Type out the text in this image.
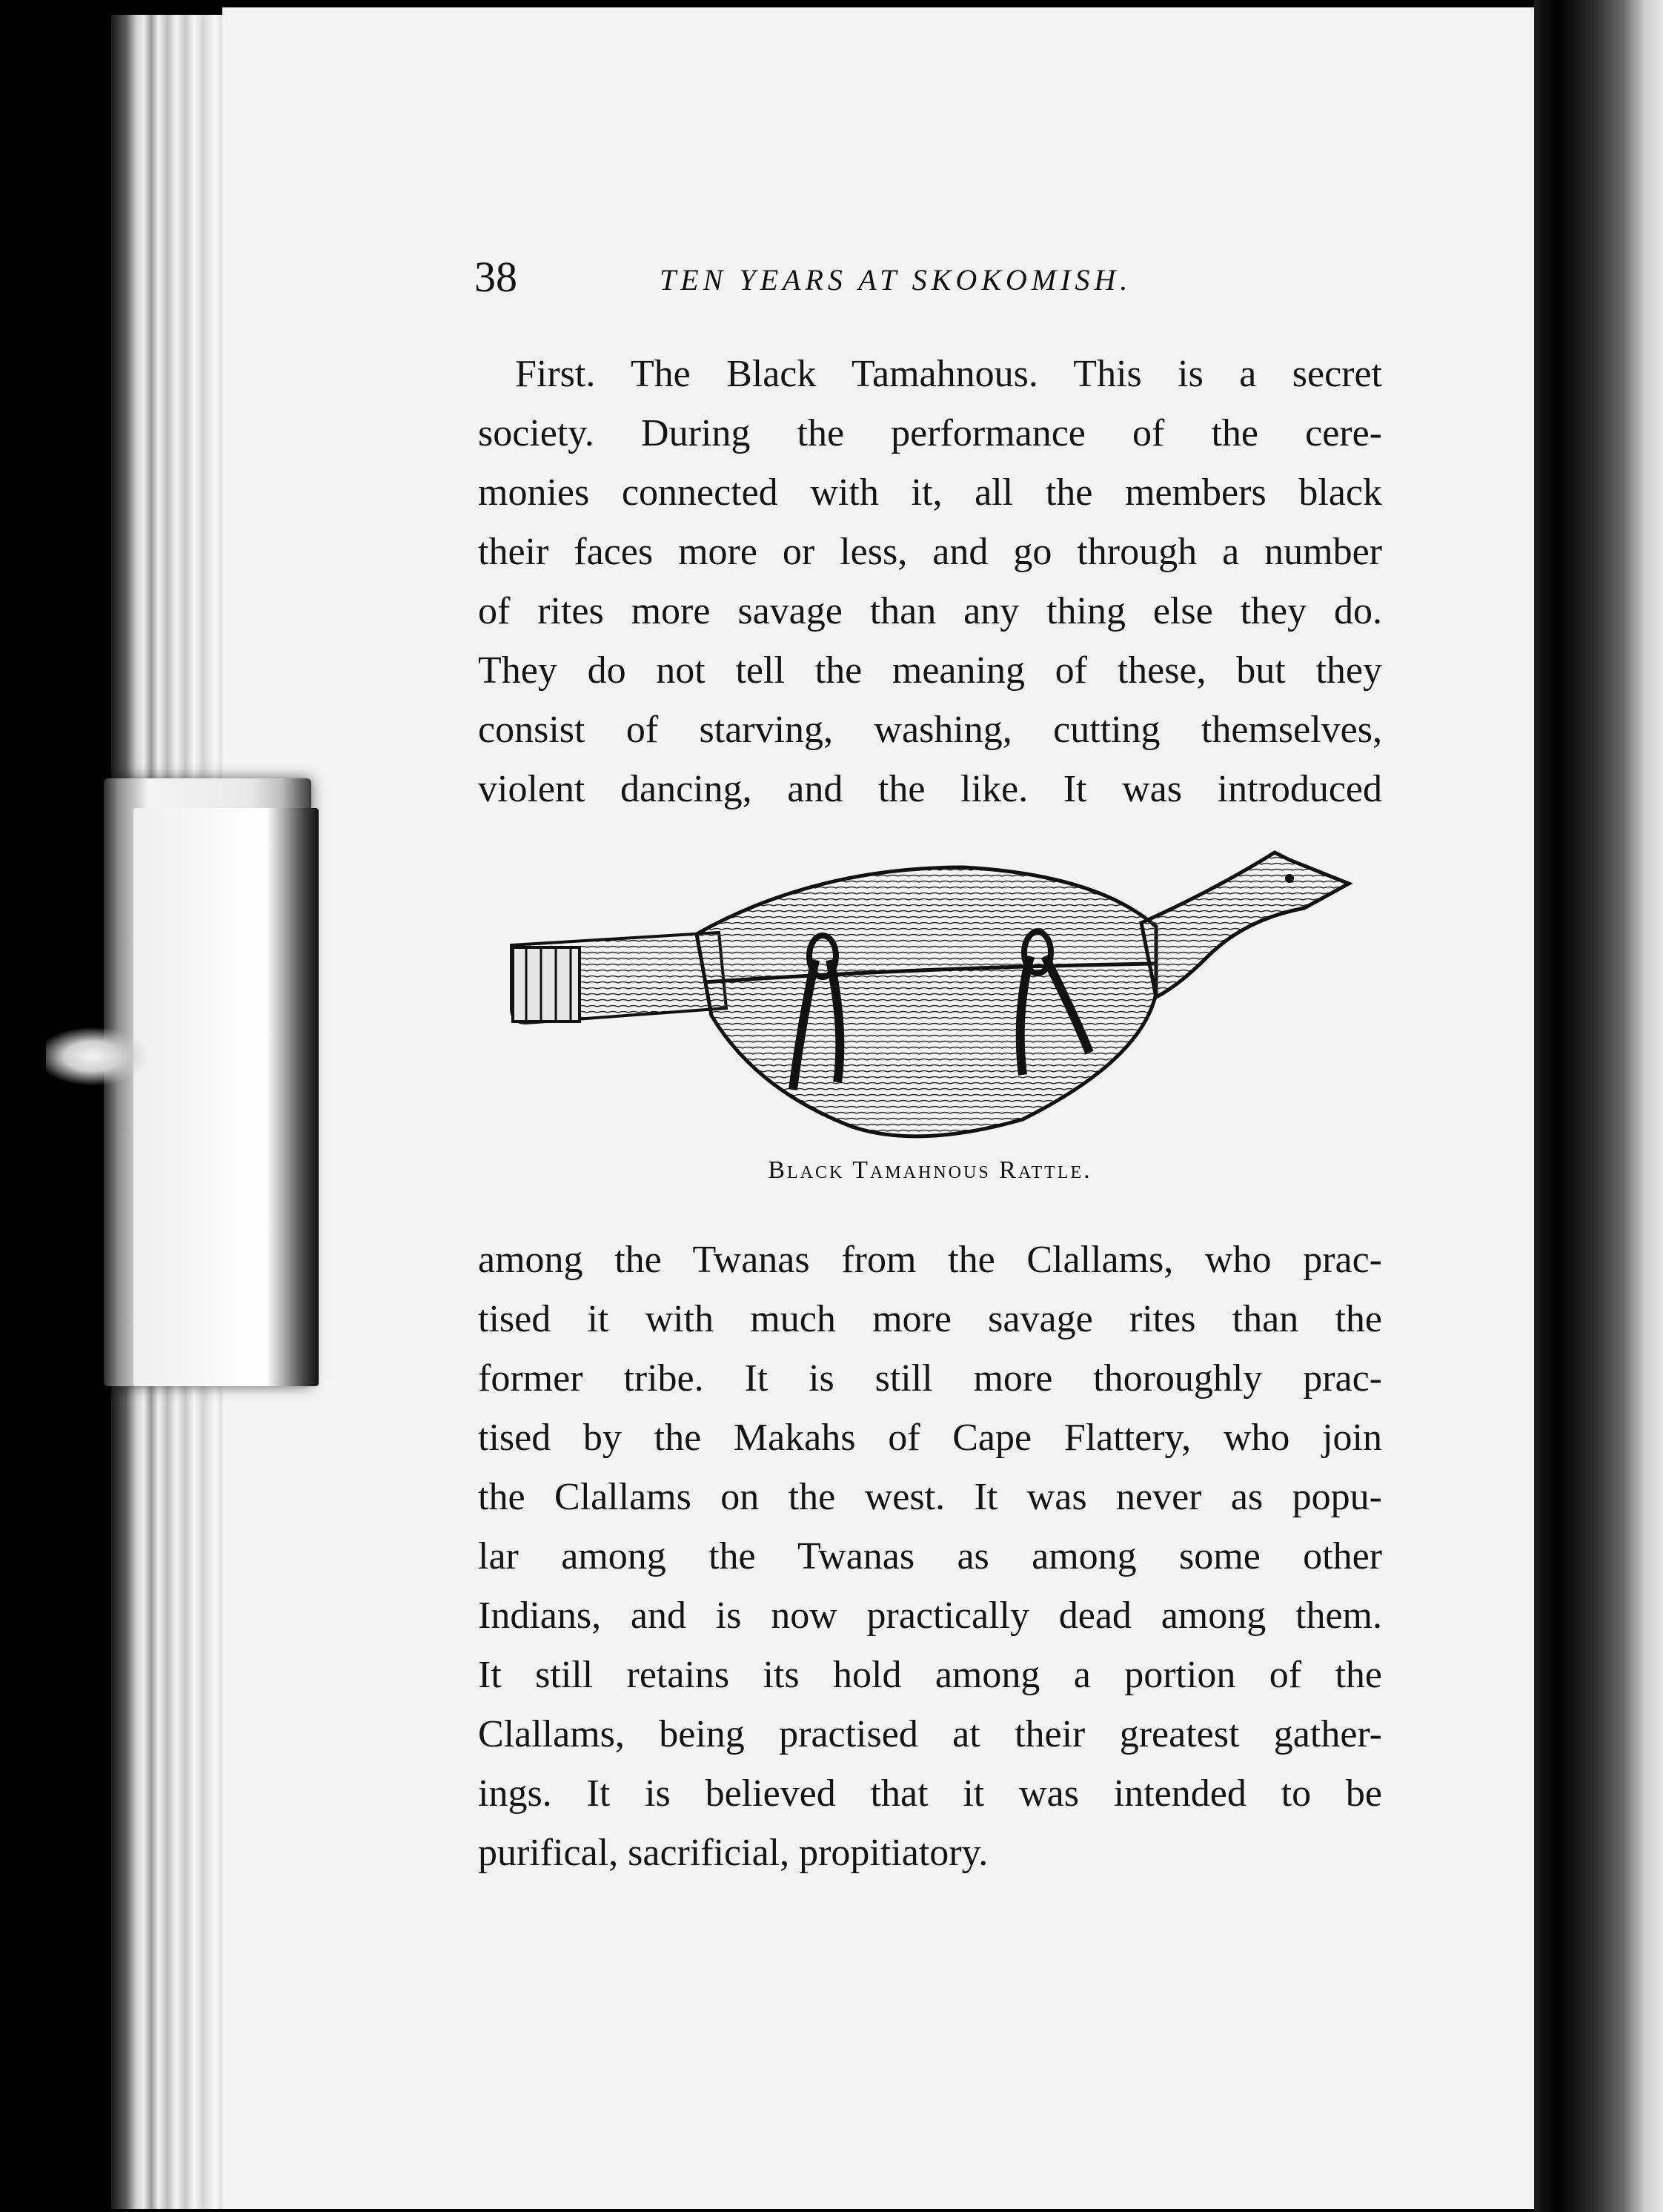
38	TEN YEARS AT SKOKOMISH.
First. The Black Tamahnous. This is a secret
society. During the performance of the cere-
monies connected with it, all the members black
their faces more or less, and go through a number
of rites more savage than any thing else they do.
They do not tell the meaning of these, but they
consist of starving, washing, cutting themselves,
violent dancing, and the like. It was introduced
Black Tamahnous Rattle.
among the Twanas from the Clallams, who prac-
tised it with much more savage rites than the
former tribe. It is still more thoroughly prac-
tised by the Makahs of Cape Flattery, who join
the Clallams on the west. It was never as popu-
lar among the Twanas as among some other
Indians, and is now practically dead among them.
It still retains its hold among a portion of the
Clallams, being practised at their greatest gather-
ings. It is believed that it was intended to be
purifical, sacrificial, propitiatory.
